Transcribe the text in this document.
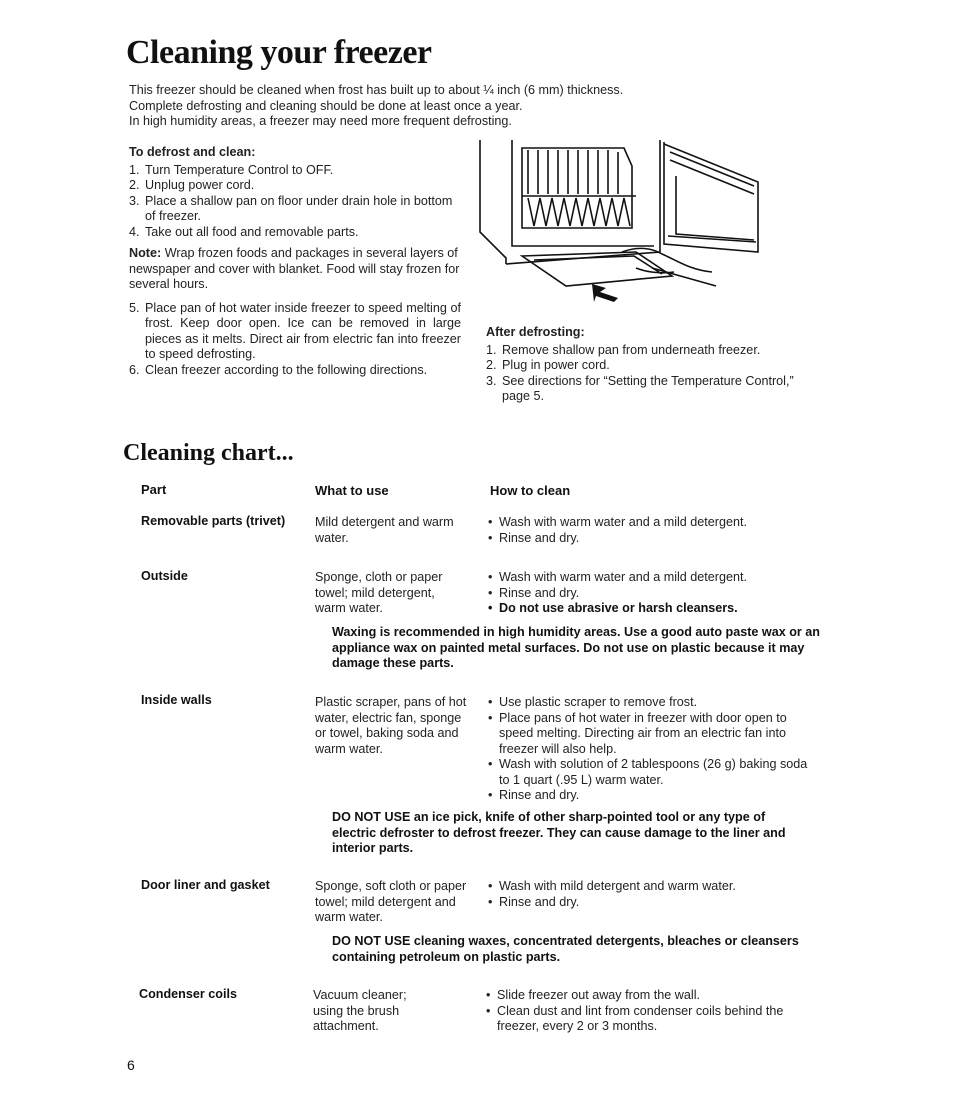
Cleaning your freezer
This freezer should be cleaned when frost has built up to about ¼ inch (6 mm) thickness.
Complete defrosting and cleaning should be done at least once a year.
In high humidity areas, a freezer may need more frequent defrosting.
To defrost and clean:
1. Turn Temperature Control to OFF.
2. Unplug power cord.
3. Place a shallow pan on floor under drain hole in bottom of freezer.
4. Take out all food and removable parts.
Note: Wrap frozen foods and packages in several layers of newspaper and cover with blanket. Food will stay frozen for several hours.
5. Place pan of hot water inside freezer to speed melting of frost. Keep door open. Ice can be removed in large pieces as it melts. Direct air from electric fan into freezer to speed defrosting.
6. Clean freezer according to the following directions.
After defrosting:
1. Remove shallow pan from underneath freezer.
2. Plug in power cord.
3. See directions for “Setting the Temperature Control,” page 5.
Cleaning chart...
Part	What to use	How to clean
Removable parts (trivet)	Mild detergent and warm water.
• Wash with warm water and a mild detergent.
• Rinse and dry.
Outside	Sponge, cloth or paper towel; mild detergent, warm water.
• Wash with warm water and a mild detergent.
• Rinse and dry.
• Do not use abrasive or harsh cleansers.
Waxing is recommended in high humidity areas. Use a good auto paste wax or an appliance wax on painted metal surfaces. Do not use on plastic because it may damage these parts.
Inside walls	Plastic scraper, pans of hot water, electric fan, sponge or towel, baking soda and warm water.
• Use plastic scraper to remove frost.
• Place pans of hot water in freezer with door open to speed melting. Directing air from an electric fan into freezer will also help.
• Wash with solution of 2 tablespoons (26 g) baking soda to 1 quart (.95 L) warm water.
• Rinse and dry.
DO NOT USE an ice pick, knife of other sharp-pointed tool or any type of electric defroster to defrost freezer. They can cause damage to the liner and interior parts.
Door liner and gasket	Sponge, soft cloth or paper towel; mild detergent and warm water.
• Wash with mild detergent and warm water.
• Rinse and dry.
DO NOT USE cleaning waxes, concentrated detergents, bleaches or cleansers containing petroleum on plastic parts.
Condenser coils	Vacuum cleaner; using the brush attachment.
• Slide freezer out away from the wall.
• Clean dust and lint from condenser coils behind the freezer, every 2 or 3 months.
6
